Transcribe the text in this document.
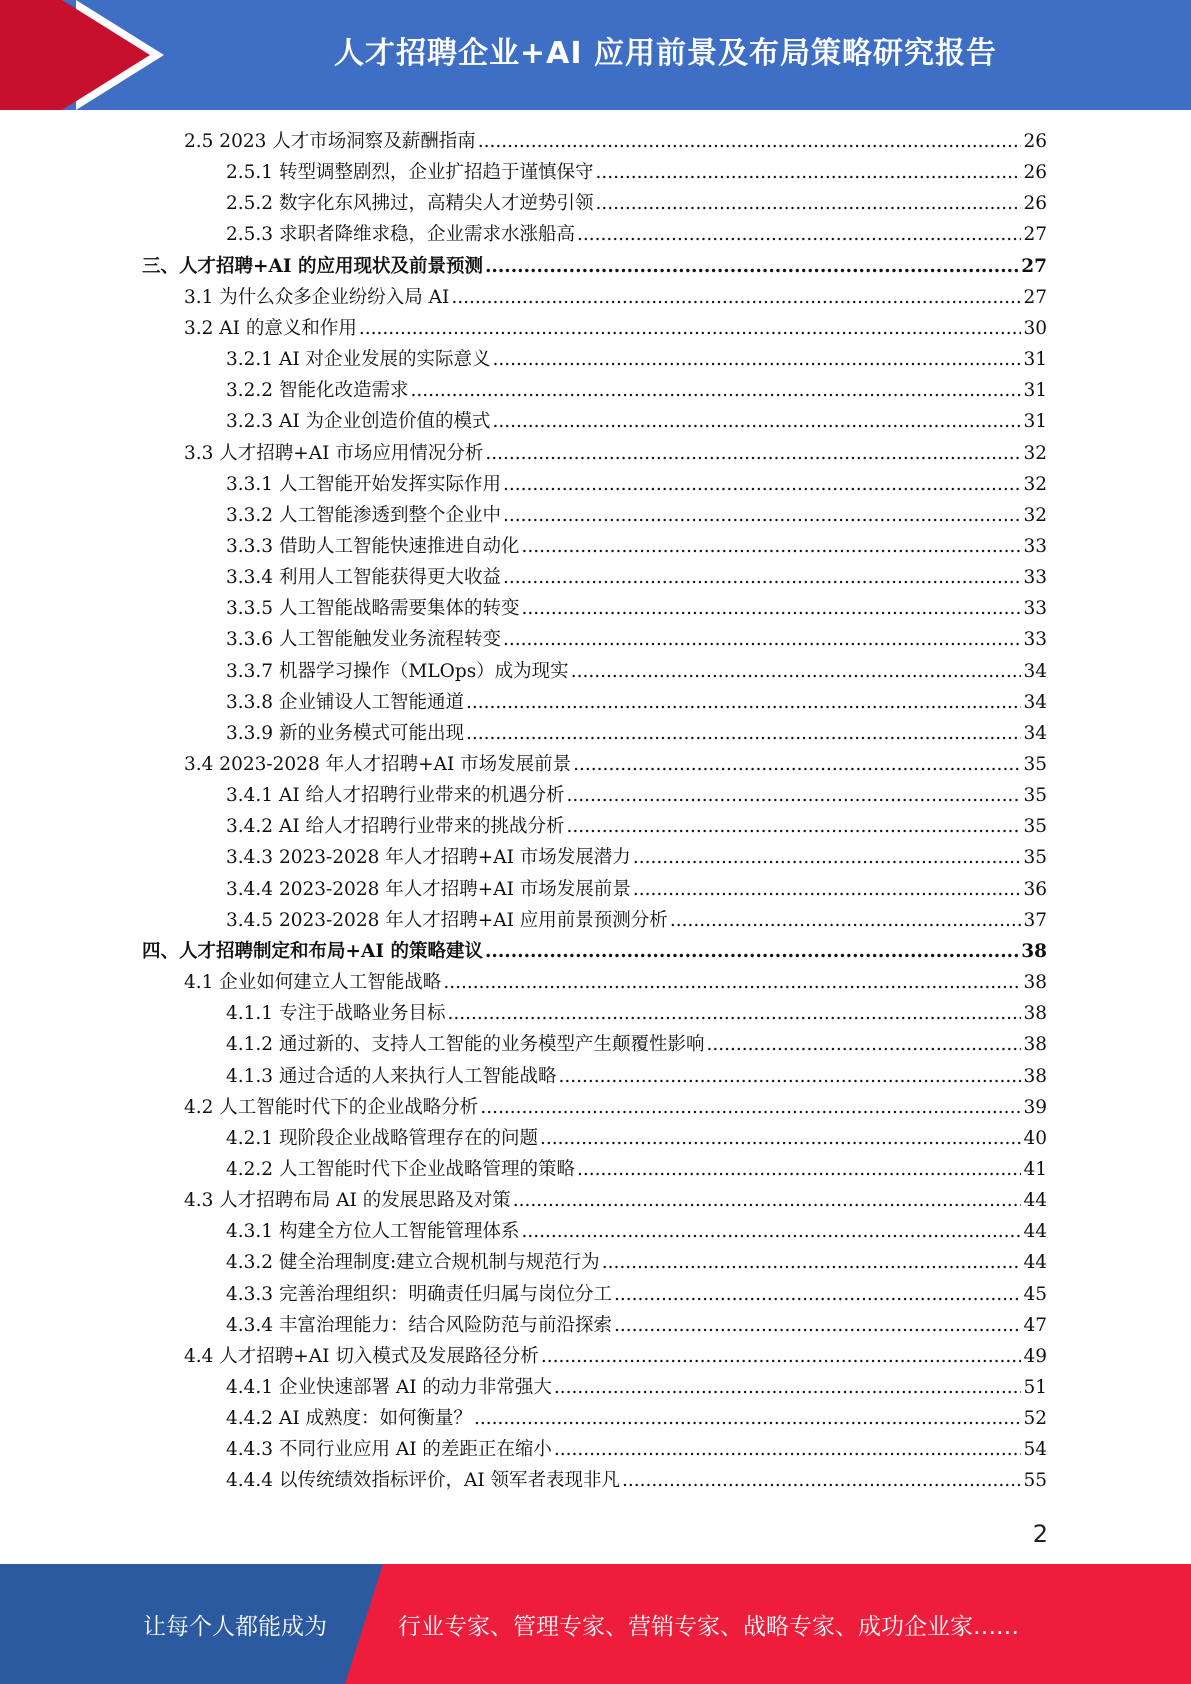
人才招聘企业+AI 应用前景及布局策略研究报告
2.5 2023 人才市场洞察及薪酬指南 .....	26
2.5.1 转型调整剧烈，企业扩招趋于谨慎保守 .....	26
2.5.2 数字化东风拂过，高精尖人才逆势引领 .....	26
2.5.3 求职者降维求稳，企业需求水涨船高 .....	27
三、人才招聘+AI 的应用现状及前景预测 .....	27
3.1 为什么众多企业纷纷入局 AI .....	27
3.2 AI 的意义和作用 .....	30
3.2.1 AI 对企业发展的实际意义 .....	31
3.2.2 智能化改造需求 .....	31
3.2.3 AI 为企业创造价值的模式 .....	31
3.3 人才招聘+AI 市场应用情况分析 .....	32
3.3.1 人工智能开始发挥实际作用 .....	32
3.3.2 人工智能渗透到整个企业中 .....	32
3.3.3 借助人工智能快速推进自动化 .....	33
3.3.4 利用人工智能获得更大收益 .....	33
3.3.5 人工智能战略需要集体的转变 .....	33
3.3.6 人工智能触发业务流程转变 .....	33
3.3.7 机器学习操作（MLOps）成为现实 .....	34
3.3.8 企业铺设人工智能通道 .....	34
3.3.9 新的业务模式可能出现 .....	34
3.4 2023-2028 年人才招聘+AI 市场发展前景 .....	35
3.4.1 AI 给人才招聘行业带来的机遇分析 .....	35
3.4.2 AI 给人才招聘行业带来的挑战分析 .....	35
3.4.3 2023-2028 年人才招聘+AI 市场发展潜力 .....	35
3.4.4 2023-2028 年人才招聘+AI 市场发展前景 .....	36
3.4.5 2023-2028 年人才招聘+AI 应用前景预测分析 .....	37
四、人才招聘制定和布局+AI 的策略建议 .....	38
4.1 企业如何建立人工智能战略 .....	38
4.1.1 专注于战略业务目标 .....	38
4.1.2 通过新的、支持人工智能的业务模型产生颠覆性影响 .....	38
4.1.3 通过合适的人来执行人工智能战略 .....	38
4.2 人工智能时代下的企业战略分析 .....	39
4.2.1 现阶段企业战略管理存在的问题 .....	40
4.2.2 人工智能时代下企业战略管理的策略 .....	41
4.3 人才招聘布局 AI 的发展思路及对策 .....	44
4.3.1 构建全方位人工智能管理体系 .....	44
4.3.2 健全治理制度:建立合规机制与规范行为 .....	44
4.3.3 完善治理组织：明确责任归属与岗位分工 .....	45
4.3.4 丰富治理能力：结合风险防范与前沿探索 .....	47
4.4 人才招聘+AI 切入模式及发展路径分析 .....	49
4.4.1 企业快速部署 AI 的动力非常强大 .....	51
4.4.2 AI 成熟度：如何衡量？ .....	52
4.4.3 不同行业应用 AI 的差距正在缩小 .....	54
4.4.4 以传统绩效指标评价，AI 领军者表现非凡 .....	55
2
让每个人都能成为	行业专家、管理专家、营销专家、战略专家、成功企业家……
